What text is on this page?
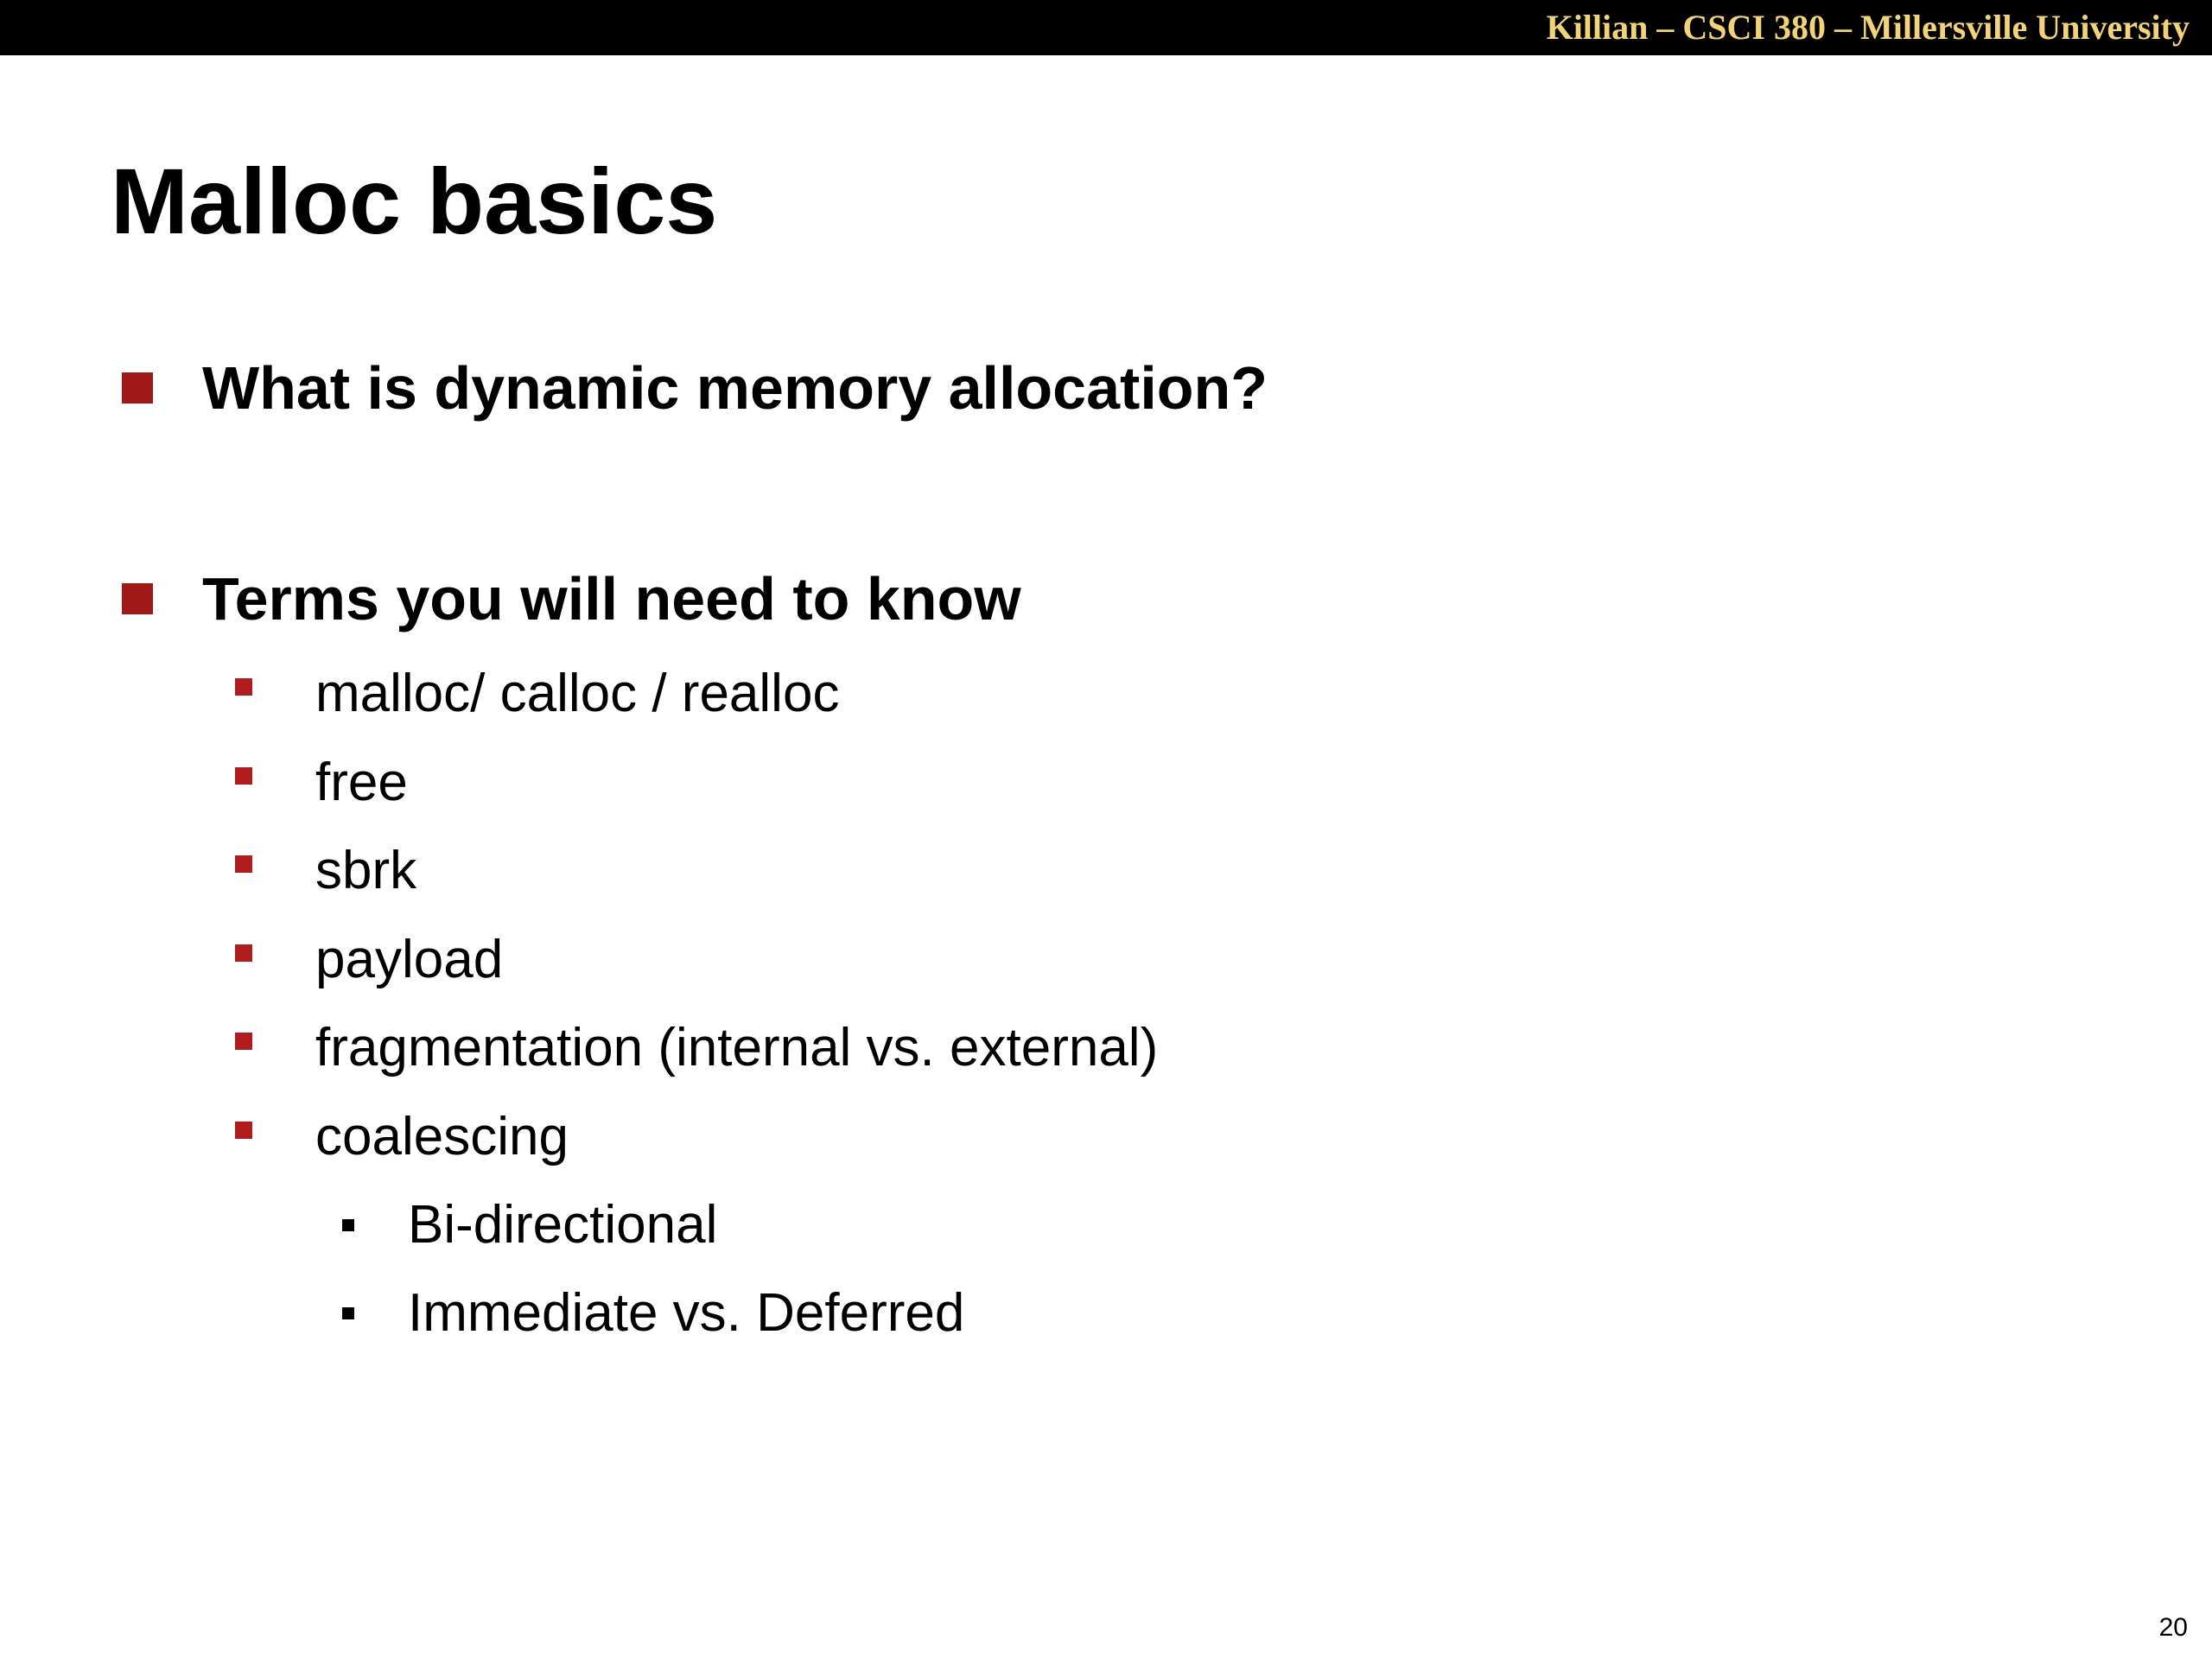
Killian – CSCI 380 – Millersville University
Malloc basics
What is dynamic memory allocation?
Terms you will need to know
malloc/ calloc / realloc
free
sbrk
payload
fragmentation (internal vs. external)
coalescing
Bi-directional
Immediate vs. Deferred
20
